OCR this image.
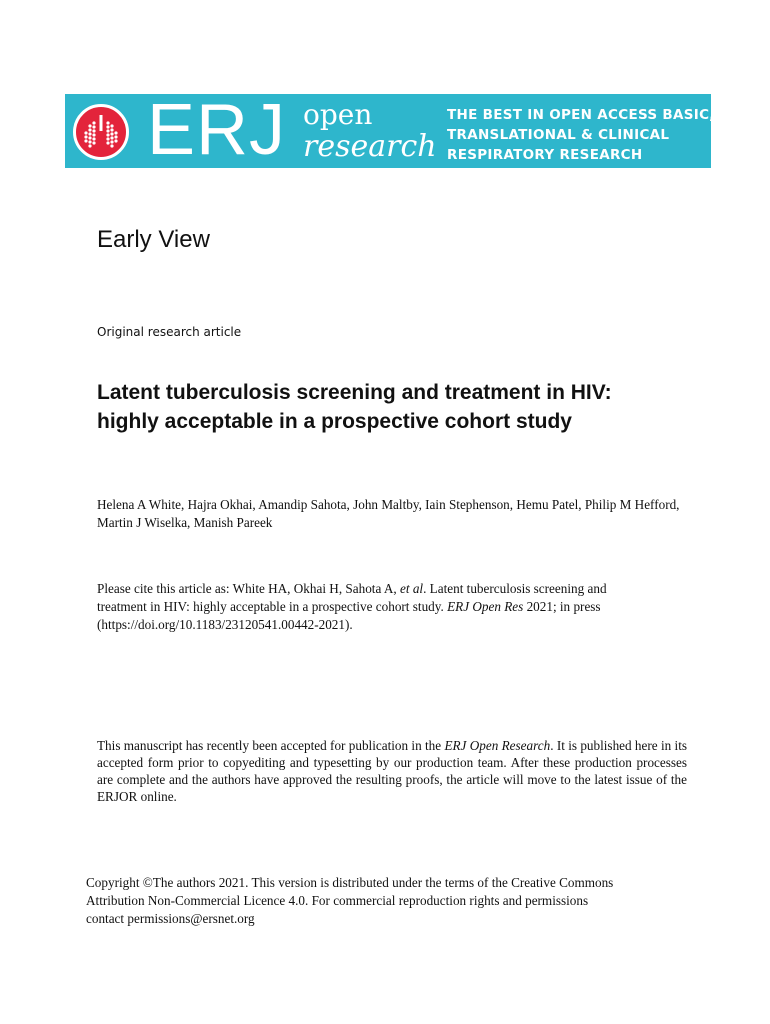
ERJ open
research
THE BEST IN OPEN ACCESS BASIC,
TRANSLATIONAL & CLINICAL
RESPIRATORY RESEARCH
Early View
Original research article
Latent tuberculosis screening and treatment in HIV: highly acceptable in a prospective cohort study
Helena A White, Hajra Okhai, Amandip Sahota, John Maltby, Iain Stephenson, Hemu Patel, Philip M Hefford, Martin J Wiselka, Manish Pareek
Please cite this article as: White HA, Okhai H, Sahota A, et al. Latent tuberculosis screening and treatment in HIV: highly acceptable in a prospective cohort study. ERJ Open Res 2021; in press (https://doi.org/10.1183/23120541.00442-2021).
This manuscript has recently been accepted for publication in the ERJ Open Research. It is published here in its accepted form prior to copyediting and typesetting by our production team. After these production processes are complete and the authors have approved the resulting proofs, the article will move to the latest issue of the ERJOR online.
Copyright ©The authors 2021. This version is distributed under the terms of the Creative Commons
Attribution Non-Commercial Licence 4.0. For commercial reproduction rights and permissions
contact permissions@ersnet.org
